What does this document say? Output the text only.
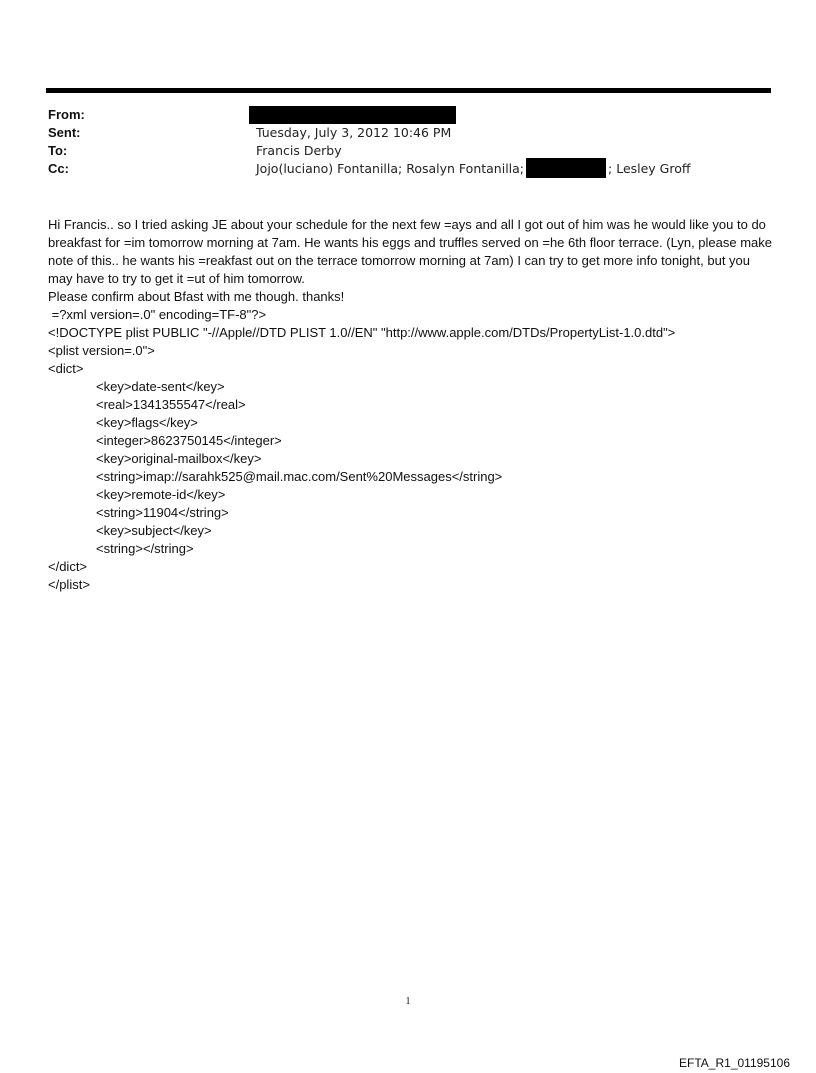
From:
Sent:	Tuesday, July 3, 2012 10:46 PM
To:	Francis Derby
Cc:	Jojo(luciano) Fontanilla; Rosalyn Fontanilla;	; Lesley Groff

Hi Francis.. so I tried asking JE about your schedule for the next few =ays and all I got out of him was he would like you to do breakfast for =im tomorrow morning at 7am. He wants his eggs and truffles served on =he 6th floor terrace. (Lyn, please make note of this.. he wants his =reakfast out on the terrace tomorrow morning at 7am) I can try to get more info tonight, but you may have to try to get it =ut of him tomorrow.

Please confirm about Bfast with me though. thanks!

=?xml version=.0" encoding=TF-8"?>
<!DOCTYPE plist PUBLIC "-//Apple//DTD PLIST 1.0//EN" "http://www.apple.com/DTDs/PropertyList-1.0.dtd">
<plist version=.0">
<dict>
<key>date-sent</key>
<real>1341355547</real>
<key>flags</key>
<integer>8623750145</integer>
<key>original-mailbox</key>
<string>imap://sarahk525@mail.mac.com/Sent%20Messages</string>
<key>remote-id</key>
<string>11904</string>
<key>subject</key>
<string></string>
</dict>
</plist>
1
EFTA_R1_01195106
